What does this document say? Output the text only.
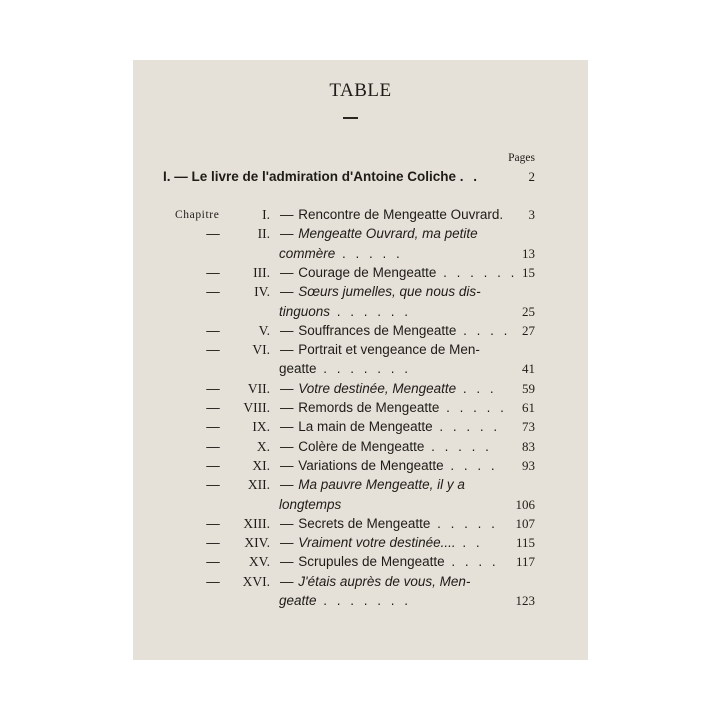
TABLE
Pages
I. — Le livre de l'admiration d'Antoine Coliche . .	2
Chapitre	I. — Rencontre de Mengeatte Ouvrard. 3
—	II. — Mengeatte Ouvrard, ma petite
commère . . . . .	13
— III. — Courage de Mengeatte . . . . . . 15
—	IV. — Sœurs jumelles, que nous dis-
tinguons . . . . . .	25
—	V. — Souffrances de Mengeatte . . . . 27
— VI. — Portrait et vengeance de Men-
geatte . . . . . . .	41
— VII. — Votre destinée, Mengeatte . . . 59
— VIII. — Remords de Mengeatte . . . . . 61
— IX. — La main de Mengeatte . . . . . 73
—	X. — Colère de Mengeatte . . . . . 83
— XI. — Variations de Mengeatte . . . . 93
— XII. — Ma pauvre Mengeatte, il y a
longtemps	106
— XIII. — Secrets de Mengeatte . . . . . 107
— XIV. — Vraiment votre destinée.... . .	115
— XV. — Scrupules de Mengeatte . . . . 117
— XVI. — J'étais auprès de vous, Men-
geatte . . . . . . .	123
